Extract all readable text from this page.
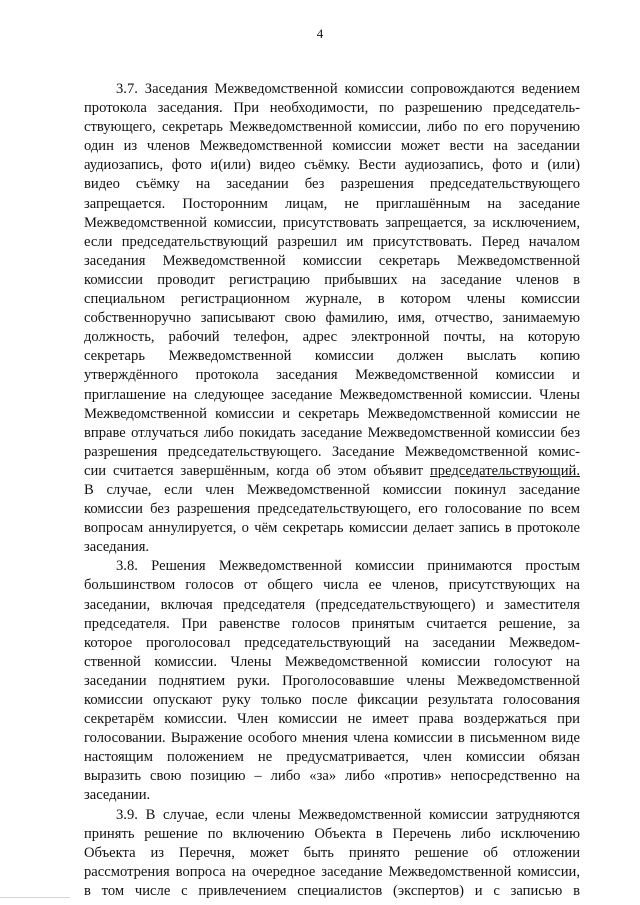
4
3.7. Заседания Межведомственной комиссии сопровождаются ведением
протокола заседания. При необходимости, по разрешению председатель-
ствующего, секретарь Межведомственной комиссии, либо по его поручению
один из членов Межведомственной комиссии может вести на заседании
аудиозапись, фото и(или) видео съёмку. Вести аудиозапись, фото и (или)
видео съёмку на заседании без разрешения председательствующего
запрещается. Посторонним лицам, не приглашённым на заседание
Межведомственной комиссии, присутствовать запрещается, за исключением,
если председательствующий разрешил им присутствовать. Перед началом
заседания Межведомственной комиссии секретарь Межведомственной
комиссии проводит регистрацию прибывших на заседание членов в
специальном регистрационном журнале, в котором члены комиссии
собственноручно записывают свою фамилию, имя, отчество, занимаемую
должность, рабочий телефон, адрес электронной почты, на которую
секретарь Межведомственной комиссии должен выслать копию
утверждённого протокола заседания Межведомственной комиссии и
приглашение на следующее заседание Межведомственной комиссии. Члены
Межведомственной комиссии и секретарь Межведомственной комиссии не
вправе отлучаться либо покидать заседание Межведомственной комиссии без
разрешения председательствующего. Заседание Межведомственной комис-
сии считается завершённым, когда об этом объявит председательствующий.
В случае, если член Межведомственной комиссии покинул заседание
комиссии без разрешения председательствующего, его голосование по всем
вопросам аннулируется, о чём секретарь комиссии делает запись в протоколе
заседания.
3.8. Решения Межведомственной комиссии принимаются простым
большинством голосов от общего числа ее членов, присутствующих на
заседании, включая председателя (председательствующего) и заместителя
председателя. При равенстве голосов принятым считается решение, за
которое проголосовал председательствующий на заседании Межведом-
ственной комиссии. Члены Межведомственной комиссии голосуют на
заседании поднятием руки. Проголосовавшие члены Межведомственной
комиссии опускают руку только после фиксации результата голосования
секретарём комиссии. Член комиссии не имеет права воздержаться при
голосовании. Выражение особого мнения члена комиссии в письменном виде
настоящим положением не предусматривается, член комиссии обязан
выразить свою позицию – либо «за» либо «против» непосредственно на
заседании.
3.9. В случае, если члены Межведомственной комиссии затрудняются
принять решение по включению Объекта в Перечень либо исключению
Объекта из Перечня, может быть принято решение об отложении
рассмотрения вопроса на очередное заседание Межведомственной комиссии,
в том числе с привлечением специалистов (экспертов) и с записью в
